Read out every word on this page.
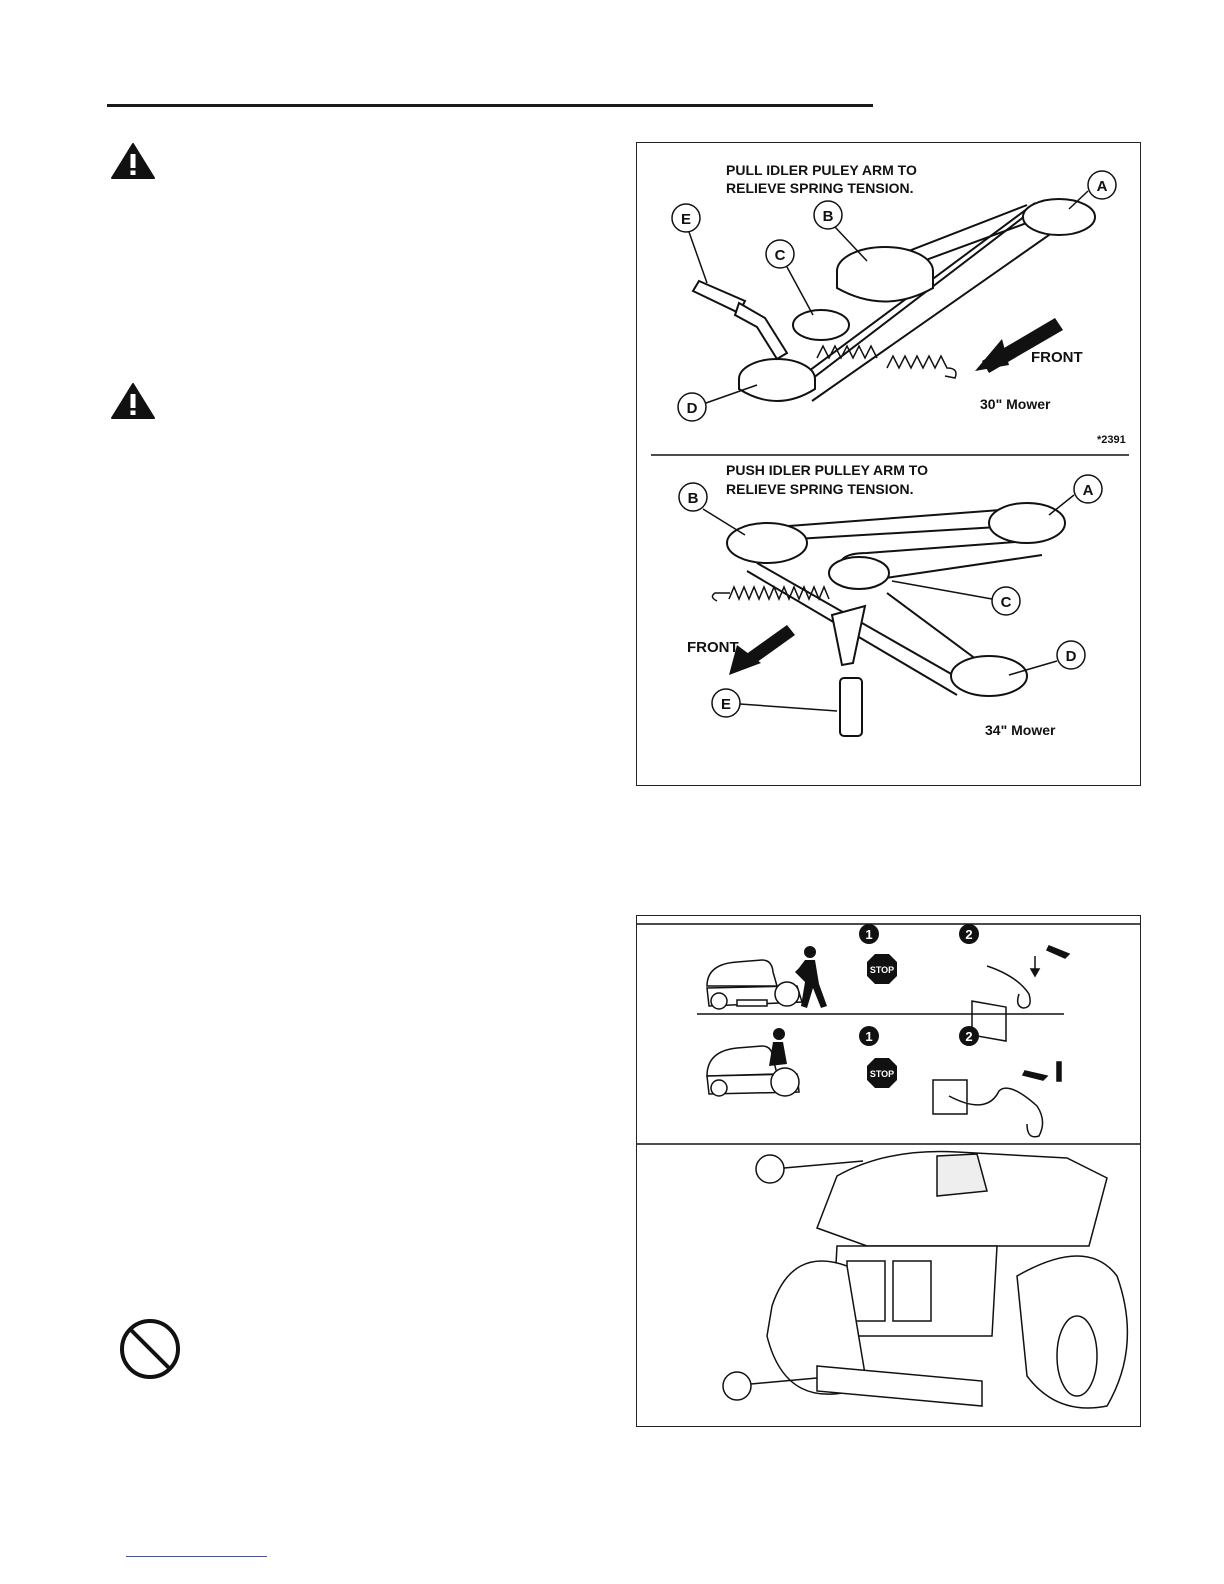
PULL IDLER PULEY ARM TO
RELIEVE SPRING TENSION.
FRONT
30" Mower
*2391
A
B
C
D
E
PUSH IDLER PULLEY ARM TO
RELIEVE SPRING TENSION.
FRONT
34" Mower
A
B
C
D
E
1	2
STOP
1	2
STOP
